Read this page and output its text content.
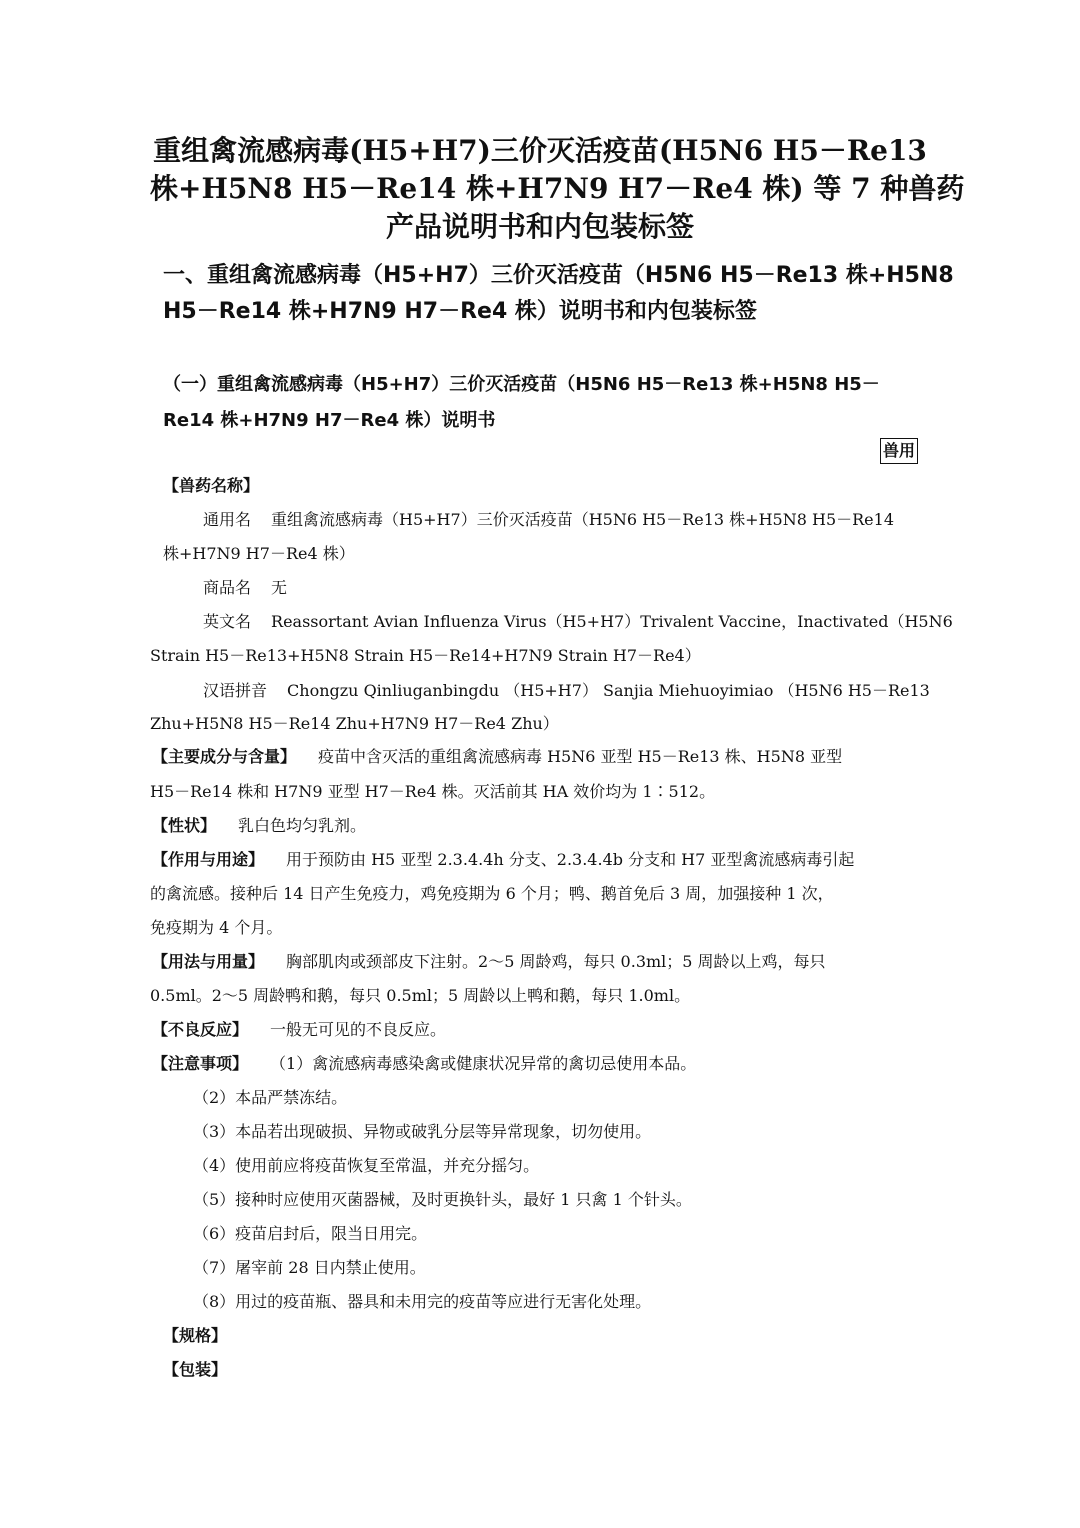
重组禽流感病毒(H5+H7)三价灭活疫苗(H5N6 H5－Re13
株+H5N8 H5－Re14 株+H7N9 H7－Re4 株) 等 7 种兽药
产品说明书和内包装标签
一、重组禽流感病毒（H5+H7）三价灭活疫苗（H5N6 H5－Re13 株+H5N8
H5－Re14 株+H7N9 H7－Re4 株）说明书和内包装标签
（一）重组禽流感病毒（H5+H7）三价灭活疫苗（H5N6 H5－Re13 株+H5N8 H5－
Re14 株+H7N9 H7－Re4 株）说明书
兽用
【兽药名称】
通用名 重组禽流感病毒（H5+H7）三价灭活疫苗（H5N6 H5－Re13 株+H5N8 H5－Re14
株+H7N9 H7－Re4 株）
商品名 无
英文名 Reassortant Avian Influenza Virus（H5+H7）Trivalent Vaccine，Inactivated（H5N6
Strain H5－Re13+H5N8 Strain H5－Re14+H7N9 Strain H7－Re4）
汉语拼音 Chongzu Qinliuganbingdu （H5+H7） Sanjia Miehuoyimiao （H5N6 H5－Re13
Zhu+H5N8 H5－Re14 Zhu+H7N9 H7－Re4 Zhu）
【主要成分与含量】 疫苗中含灭活的重组禽流感病毒 H5N6 亚型 H5－Re13 株、H5N8 亚型
H5－Re14 株和 H7N9 亚型 H7－Re4 株。灭活前其 HA 效价均为 1∶512。
【性状】 乳白色均匀乳剂。
【作用与用途】 用于预防由 H5 亚型 2.3.4.4h 分支、2.3.4.4b 分支和 H7 亚型禽流感病毒引起
的禽流感。接种后 14 日产生免疫力，鸡免疫期为 6 个月；鸭、鹅首免后 3 周，加强接种 1 次，
免疫期为 4 个月。
【用法与用量】 胸部肌肉或颈部皮下注射。2～5 周龄鸡，每只 0.3ml；5 周龄以上鸡，每只
0.5ml。2～5 周龄鸭和鹅，每只 0.5ml；5 周龄以上鸭和鹅，每只 1.0ml。
【不良反应】 一般无可见的不良反应。
【注意事项】 （1）禽流感病毒感染禽或健康状况异常的禽切忌使用本品。
（2）本品严禁冻结。
（3）本品若出现破损、异物或破乳分层等异常现象，切勿使用。
（4）使用前应将疫苗恢复至常温，并充分摇匀。
（5）接种时应使用灭菌器械，及时更换针头，最好 1 只禽 1 个针头。
（6）疫苗启封后，限当日用完。
（7）屠宰前 28 日内禁止使用。
（8）用过的疫苗瓶、器具和未用完的疫苗等应进行无害化处理。
【规格】
【包装】
